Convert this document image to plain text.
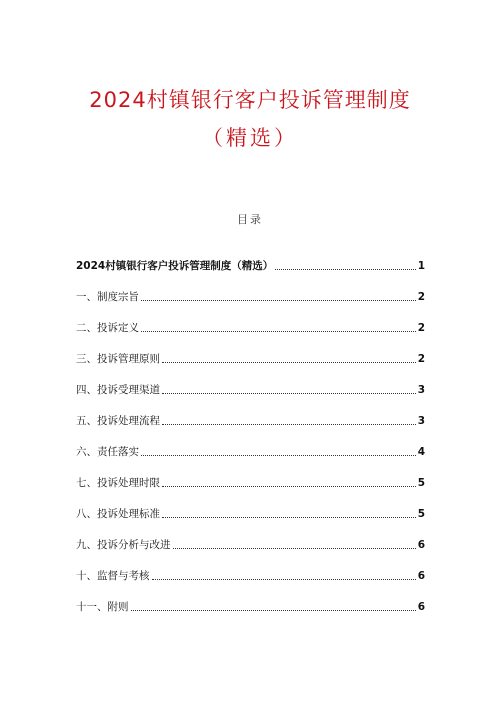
2024村镇银行客户投诉管理制度
（精选）
目录
2024村镇银行客户投诉管理制度（精选）	1
一、制度宗旨	2
二、投诉定义	2
三、投诉管理原则	2
四、投诉受理渠道	3
五、投诉处理流程	3
六、责任落实	4
七、投诉处理时限	5
八、投诉处理标准	5
九、投诉分析与改进	6
十、监督与考核	6
十一、附则	6
